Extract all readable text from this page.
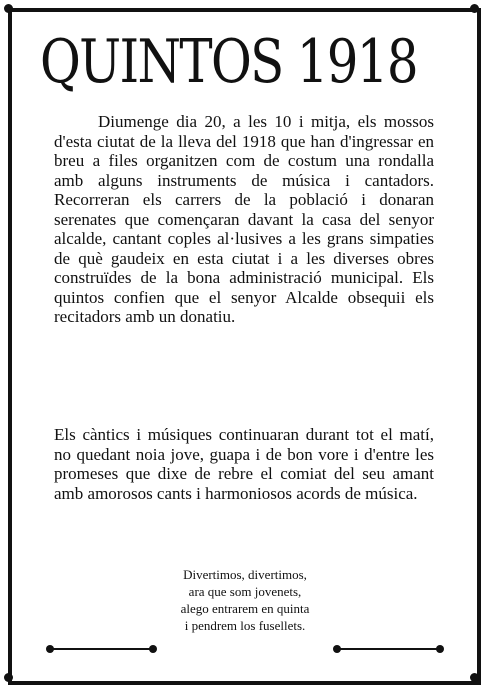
QUINTOS 1918

Diumenge dia 20, a les 10 i mitja, els mossos d'esta ciutat de la lleva del 1918 que han d'ingressar en breu a files organitzen com de costum una rondalla amb alguns instruments de música i cantadors. Recorreran els carrers de la població i donaran serenates que començaran davant la casa del senyor alcalde, cantant coples al·lusives a les grans simpaties de què gaudeix en esta ciutat i a les diverses obres construïdes de la bona administració municipal. Els quintos confien que el senyor Alcalde obsequii els recitadors amb un donatiu.

Els càntics i músiques continuaran durant tot el matí, no quedant noia jove, guapa i de bon vore i d'entre les promeses que dixe de rebre el comiat del seu amant amb amorosos cants i harmoniosos acords de música.

Divertimos, divertimos,
ara que som jovenets,
alego entrarem en quinta
i pendrem los fusellets.
